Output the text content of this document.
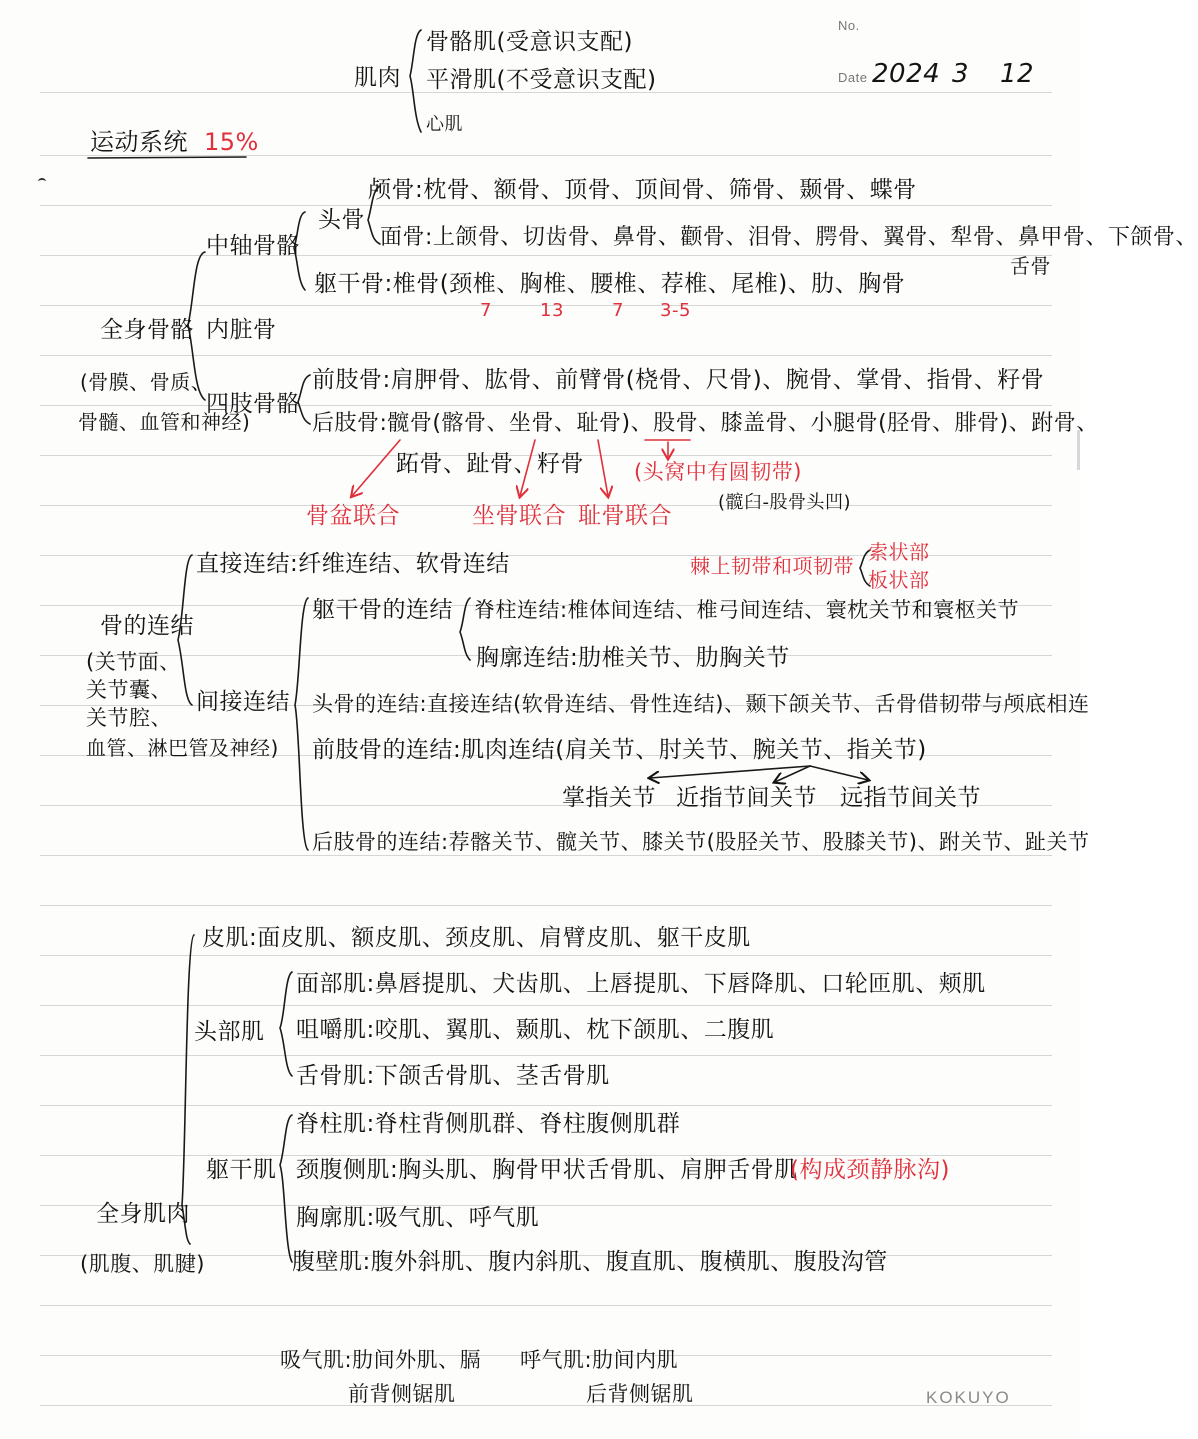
No.
Date 2024 3 12
肌肉
骨骼肌(受意识支配)
平滑肌(不受意识支配)
心肌
运动系统 15%
颅骨:枕骨、额骨、顶骨、顶间骨、筛骨、颞骨、蝶骨
头骨
中轴骨骼	面骨:上颌骨、切齿骨、鼻骨、颧骨、泪骨、腭骨、翼骨、犁骨、鼻甲骨、下颌骨、
舌骨
躯干骨:椎骨(颈椎、胸椎、腰椎、荐椎、尾椎)、肋、胸骨
7	13	7 3-5
全身骨骼 内脏骨
(骨膜、骨质、
四肢骨骼
骨髓、血管和神经)
前肢骨:肩胛骨、肱骨、前臂骨(桡骨、尺骨)、腕骨、掌骨、指骨、籽骨
后肢骨:髋骨(髂骨、坐骨、耻骨)、股骨、膝盖骨、小腿骨(胫骨、腓骨)、跗骨、
跖骨、趾骨、籽骨 (头窝中有圆韧带)
(髋臼-股骨头凹)
骨盆联合	坐骨联合 耻骨联合
直接连结:纤维连结、软骨连结	棘上韧带和项韧带
索状部
板状部
躯干骨的连结 脊柱连结:椎体间连结、椎弓间连结、寰枕关节和寰枢关节
骨的连结
(关节面、	胸廓连结:肋椎关节、肋胸关节
关节囊、 间接连结 头骨的连结:直接连结(软骨连结、骨性连结)、颞下颌关节、舌骨借韧带与颅底相连
关节腔、
血管、淋巴管及神经) 前肢骨的连结:肌肉连结(肩关节、肘关节、腕关节、指关节)
掌指关节 近指节间关节 远指节间关节
后肢骨的连结:荐髂关节、髋关节、膝关节(股胫关节、股膝关节)、跗关节、趾关节
皮肌:面皮肌、额皮肌、颈皮肌、肩臂皮肌、躯干皮肌
面部肌:鼻唇提肌、犬齿肌、上唇提肌、下唇降肌、口轮匝肌、颊肌
头部肌 咀嚼肌:咬肌、翼肌、颞肌、枕下颌肌、二腹肌
舌骨肌:下颌舌骨肌、茎舌骨肌
脊柱肌:脊柱背侧肌群、脊柱腹侧肌群
躯干肌 颈腹侧肌:胸头肌、胸骨甲状舌骨肌、肩胛舌骨肌
(构成颈静脉沟)
全身肌肉	胸廓肌:吸气肌、呼气肌
(肌腹、肌腱)	腹壁肌:腹外斜肌、腹内斜肌、腹直肌、腹横肌、腹股沟管
吸气肌:肋间外肌、膈 呼气肌:肋间内肌
前背侧锯肌	后背侧锯肌	KOKUYO
